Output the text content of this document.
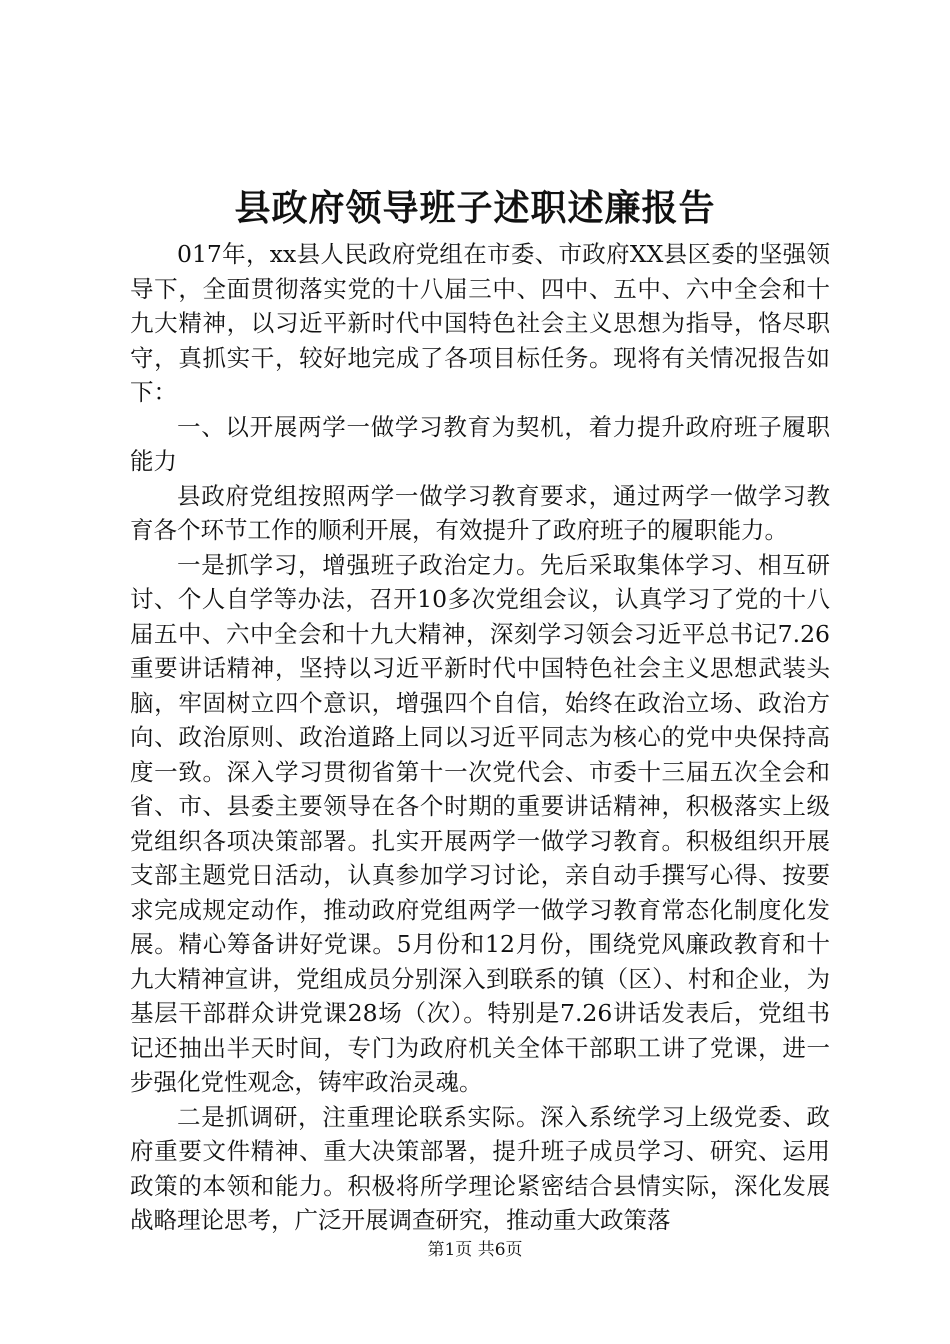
县政府领导班子述职述廉报告

017年，xx县人民政府党组在市委、市政府XX县区委的坚强领导下，全面贯彻落实党的十八届三中、四中、五中、六中全会和十九大精神，以习近平新时代中国特色社会主义思想为指导，恪尽职守，真抓实干，较好地完成了各项目标任务。现将有关情况报告如下：

一、以开展两学一做学习教育为契机，着力提升政府班子履职能力

县政府党组按照两学一做学习教育要求，通过两学一做学习教育各个环节工作的顺利开展，有效提升了政府班子的履职能力。

一是抓学习，增强班子政治定力。先后采取集体学习、相互研讨、个人自学等办法，召开10多次党组会议，认真学习了党的十八届五中、六中全会和十九大精神，深刻学习领会习近平总书记7.26重要讲话精神，坚持以习近平新时代中国特色社会主义思想武装头脑，牢固树立四个意识，增强四个自信，始终在政治立场、政治方向、政治原则、政治道路上同以习近平同志为核心的党中央保持高度一致。深入学习贯彻省第十一次党代会、市委十三届五次全会和省、市、县委主要领导在各个时期的重要讲话精神，积极落实上级党组织各项决策部署。扎实开展两学一做学习教育。积极组织开展支部主题党日活动，认真参加学习讨论，亲自动手撰写心得、按要求完成规定动作，推动政府党组两学一做学习教育常态化制度化发展。精心筹备讲好党课。5月份和12月份，围绕党风廉政教育和十九大精神宣讲，党组成员分别深入到联系的镇（区）、村和企业，为基层干部群众讲党课28场（次）。特别是7.26讲话发表后，党组书记还抽出半天时间，专门为政府机关全体干部职工讲了党课，进一步强化党性观念，铸牢政治灵魂。

二是抓调研，注重理论联系实际。深入系统学习上级党委、政府重要文件精神、重大决策部署，提升班子成员学习、研究、运用政策的本领和能力。积极将所学理论紧密结合县情实际，深化发展战略理论思考，广泛开展调查研究，推动重大政策落

第1页 共6页
